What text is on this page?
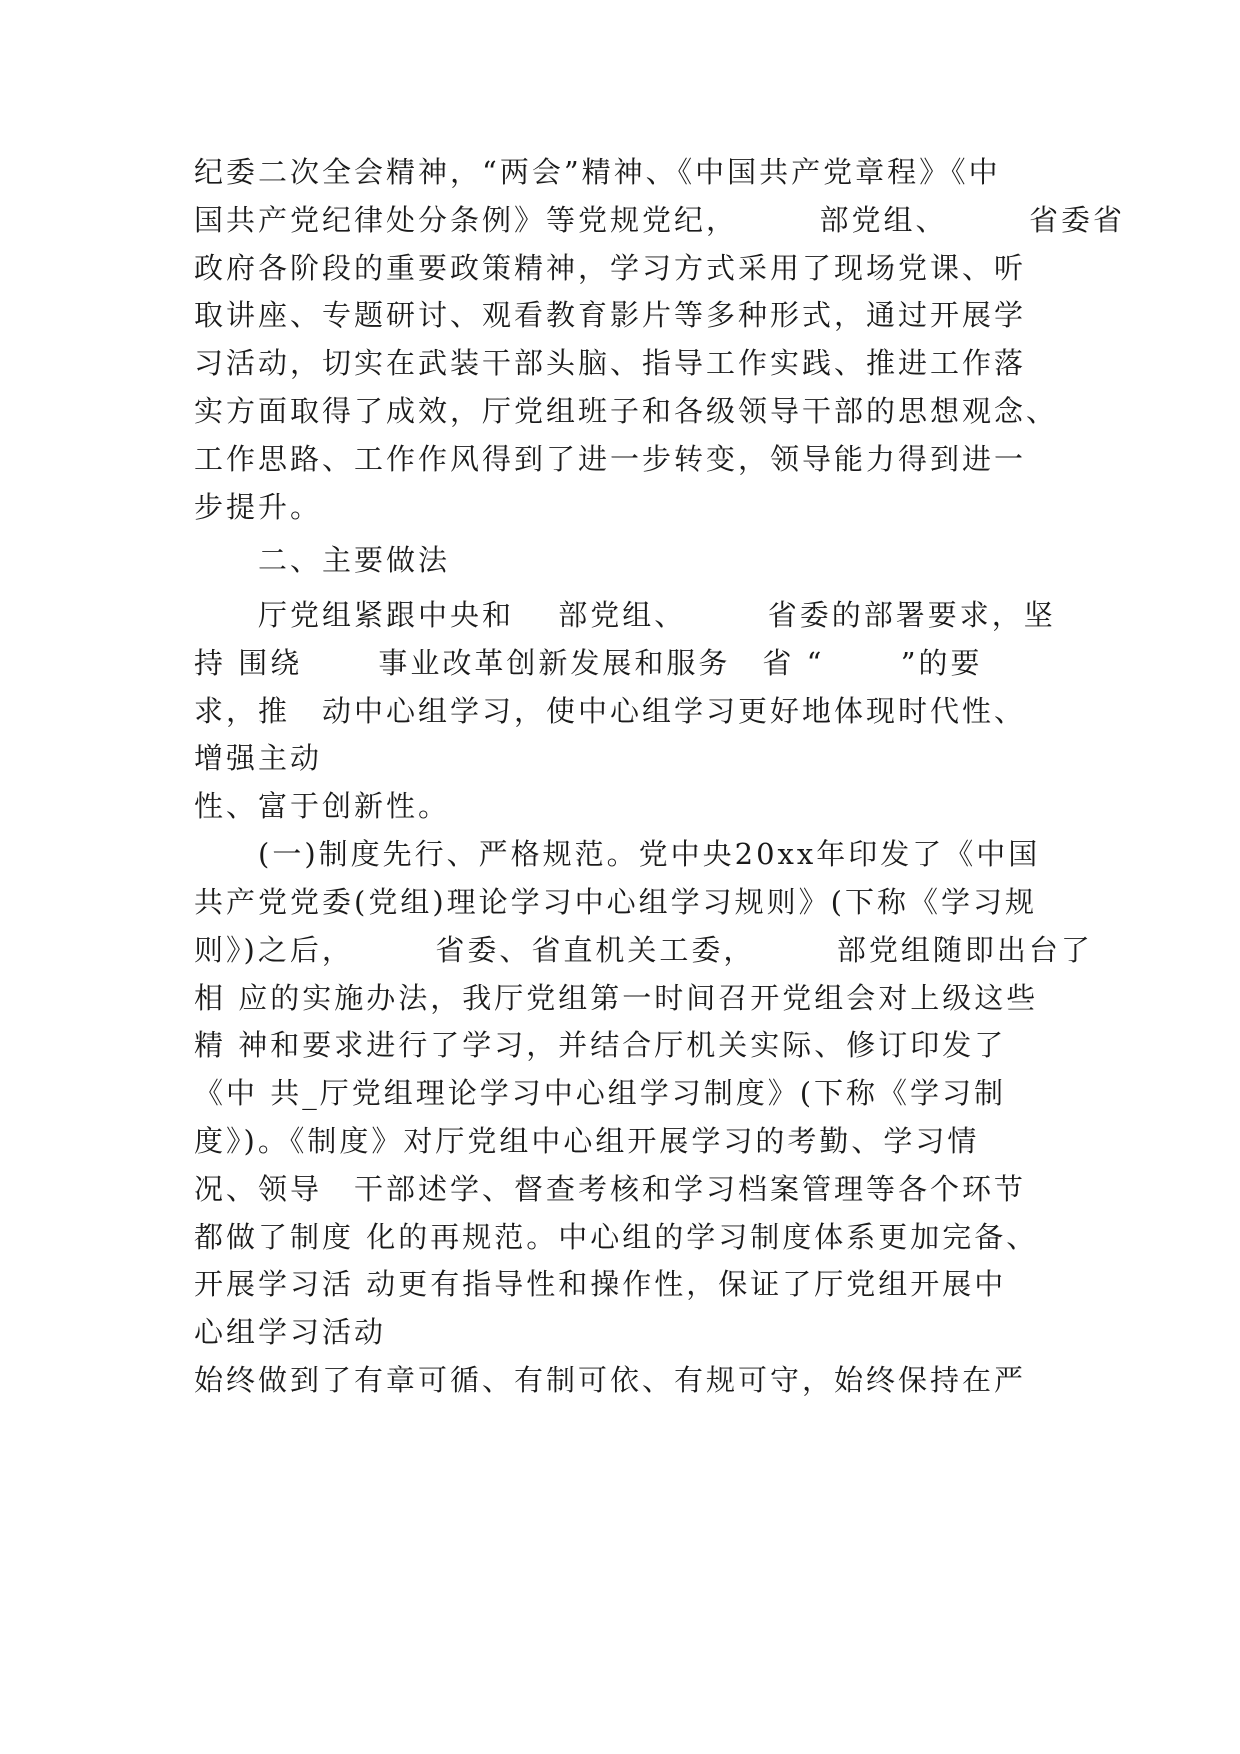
纪委二次全会精神，“两会”精神、《中国共产党章程》《中
国共产党纪律处分条例》等党规党纪，　　　部党组、　　　省委省
政府各阶段的重要政策精神，学习方式采用了现场党课、听
取讲座、专题研讨、观看教育影片等多种形式，通过开展学
习活动，切实在武装干部头脑、指导工作实践、推进工作落
实方面取得了成效，厅党组班子和各级领导干部的思想观念、
工作思路、工作作风得到了进一步转变，领导能力得到进一
步提升。
　　二、主要做法
　　厅党组紧跟中央和　 部党组、　　　省委的部署要求，坚
持 围绕　　 事业改革创新发展和服务　省 “　　 ”的要
求，推　动中心组学习，使中心组学习更好地体现时代性、
增强主动
性、富于创新性。
　　(一)制度先行、严格规范。党中央20xx年印发了《中国
共产党党委(党组)理论学习中心组学习规则》(下称《学习规
则》)之后，　　　省委、省直机关工委，　　　部党组随即出台了
相 应的实施办法，我厅党组第一时间召开党组会对上级这些
精 神和要求进行了学习，并结合厅机关实际、修订印发了
《中 共_厅党组理论学习中心组学习制度》(下称《学习制
度》)。《制度》对厅党组中心组开展学习的考勤、学习情
况、领导　干部述学、督查考核和学习档案管理等各个环节
都做了制度 化的再规范。中心组的学习制度体系更加完备、
开展学习活 动更有指导性和操作性，保证了厅党组开展中
心组学习活动
始终做到了有章可循、有制可依、有规可守，始终保持在严
